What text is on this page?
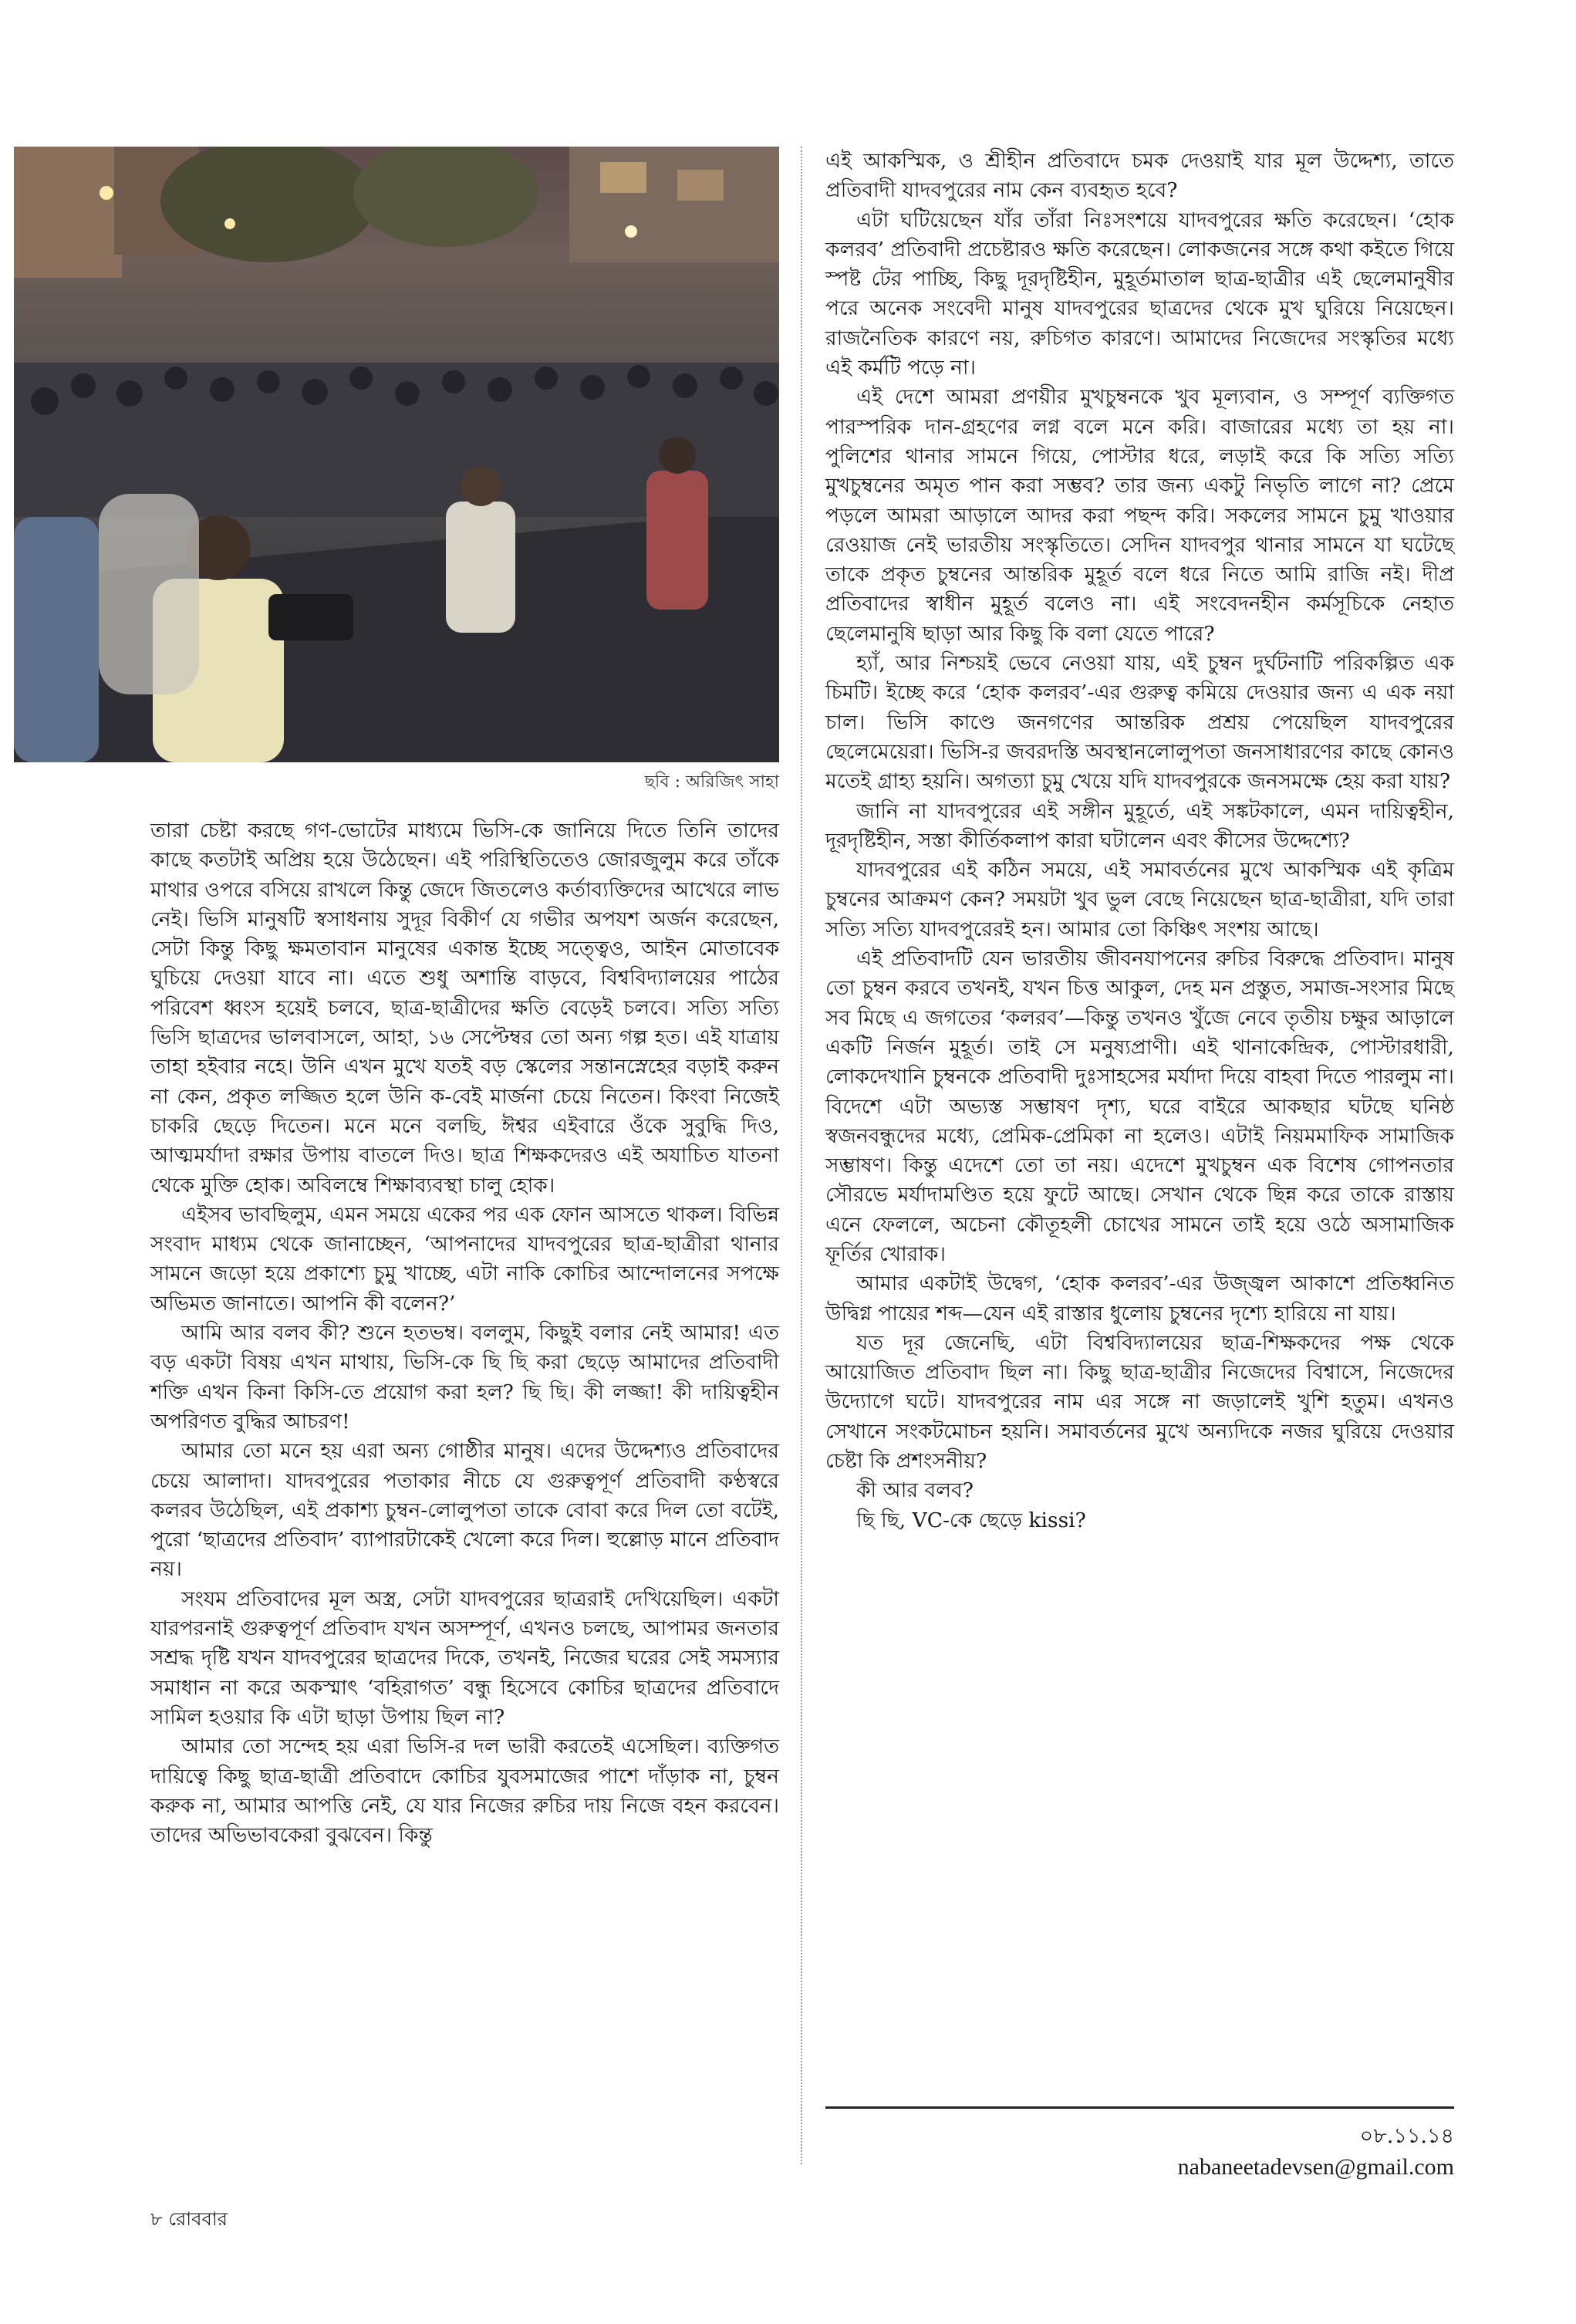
ছবি : অরিজিৎ সাহা

তারা চেষ্টা করছে গণ-ভোটের মাধ্যমে ভিসি-কে জানিয়ে দিতে তিনি তাদের কাছে কতটাই অপ্রিয় হয়ে উঠেছেন। এই পরিস্থিতিতেও জোরজুলুম করে তাঁকে মাথার ওপরে বসিয়ে রাখলে কিন্তু জেদে জিতলেও কর্তাব্যক্তিদের আখেরে লাভ নেই। ভিসি মানুষটি স্বসাধনায় সুদূর বিকীর্ণ যে গভীর অপযশ অর্জন করেছেন, সেটা কিন্তু কিছু ক্ষমতাবান মানুষের একান্ত ইচ্ছে সত্ত্বেও, আইন মোতাবেক ঘুচিয়ে দেওয়া যাবে না। এতে শুধু অশান্তি বাড়বে, বিশ্ববিদ্যালয়ের পাঠের পরিবেশ ধ্বংস হয়েই চলবে, ছাত্র-ছাত্রীদের ক্ষতি বেড়েই চলবে। সত্যি সত্যি ভিসি ছাত্রদের ভালবাসলে, আহা, ১৬ সেপ্টেম্বর তো অন্য গল্প হত। এই যাত্রায় তাহা হইবার নহে। উনি এখন মুখে যতই বড় স্কেলের সন্তানস্নেহের বড়াই করুন না কেন, প্রকৃত লজ্জিত হলে উনি ক-বেই মার্জনা চেয়ে নিতেন। কিংবা নিজেই চাকরি ছেড়ে দিতেন। মনে মনে বলছি, ঈশ্বর এইবারে ওঁকে সুবুদ্ধি দিও, আত্মমর্যাদা রক্ষার উপায় বাতলে দিও। ছাত্র শিক্ষকদেরও এই অযাচিত যাতনা থেকে মুক্তি হোক। অবিলম্বে শিক্ষাব্যবস্থা চালু হোক।

এইসব ভাবছিলুম, এমন সময়ে একের পর এক ফোন আসতে থাকল। বিভিন্ন সংবাদ মাধ্যম থেকে জানাচ্ছেন, ‘আপনাদের যাদবপুরের ছাত্র-ছাত্রীরা থানার সামনে জড়ো হয়ে প্রকাশ্যে চুমু খাচ্ছে, এটা নাকি কোচির আন্দোলনের সপক্ষে অভিমত জানাতে। আপনি কী বলেন?’

আমি আর বলব কী? শুনে হতভম্ব। বললুম, কিছুই বলার নেই আমার! এত বড় একটা বিষয় এখন মাথায়, ভিসি-কে ছি ছি করা ছেড়ে আমাদের প্রতিবাদী শক্তি এখন কিনা কিসি-তে প্রয়োগ করা হল? ছি ছি। কী লজ্জা! কী দায়িত্বহীন অপরিণত বুদ্ধির আচরণ!

আমার তো মনে হয় এরা অন্য গোষ্ঠীর মানুষ। এদের উদ্দেশ্যও প্রতিবাদের চেয়ে আলাদা। যাদবপুরের পতাকার নীচে যে গুরুত্বপূর্ণ প্রতিবাদী কণ্ঠস্বরে কলরব উঠেছিল, এই প্রকাশ্য চুম্বন-লোলুপতা তাকে বোবা করে দিল তো বটেই, পুরো ‘ছাত্রদের প্রতিবাদ’ ব্যাপারটাকেই খেলো করে দিল। হুল্লোড় মানে প্রতিবাদ নয়।

সংযম প্রতিবাদের মূল অস্ত্র, সেটা যাদবপুরের ছাত্ররাই দেখিয়েছিল। একটা যারপরনাই গুরুত্বপূর্ণ প্রতিবাদ যখন অসম্পূর্ণ, এখনও চলছে, আপামর জনতার সশ্রদ্ধ দৃষ্টি যখন যাদবপুরের ছাত্রদের দিকে, তখনই, নিজের ঘরের সেই সমস্যার সমাধান না করে অকস্মাৎ ‘বহিরাগত’ বন্ধু হিসেবে কোচির ছাত্রদের প্রতিবাদে সামিল হওয়ার কি এটা ছাড়া উপায় ছিল না?

আমার তো সন্দেহ হয় এরা ভিসি-র দল ভারী করতেই এসেছিল। ব্যক্তিগত দায়িত্বে কিছু ছাত্র-ছাত্রী প্রতিবাদে কোচির যুবসমাজের পাশে দাঁড়াক না, চুম্বন করুক না, আমার আপত্তি নেই, যে যার নিজের রুচির দায় নিজে বহন করবেন। তাদের অভিভাবকেরা বুঝবেন। কিন্তু

এই আকস্মিক, ও শ্রীহীন প্রতিবাদে চমক দেওয়াই যার মূল উদ্দেশ্য, তাতে প্রতিবাদী যাদবপুরের নাম কেন ব্যবহৃত হবে?

এটা ঘটিয়েছেন যাঁর তাঁরা নিঃসংশয়ে যাদবপুরের ক্ষতি করেছেন। ‘হোক কলরব’ প্রতিবাদী প্রচেষ্টারও ক্ষতি করেছেন। লোকজনের সঙ্গে কথা কইতে গিয়ে স্পষ্ট টের পাচ্ছি, কিছু দূরদৃষ্টিহীন, মুহূর্তমাতাল ছাত্র-ছাত্রীর এই ছেলেমানুষীর পরে অনেক সংবেদী মানুষ যাদবপুরের ছাত্রদের থেকে মুখ ঘুরিয়ে নিয়েছেন। রাজনৈতিক কারণে নয়, রুচিগত কারণে। আমাদের নিজেদের সংস্কৃতির মধ্যে এই কর্মটি পড়ে না।

এই দেশে আমরা প্রণয়ীর মুখচুম্বনকে খুব মূল্যবান, ও সম্পূর্ণ ব্যক্তিগত পারস্পরিক দান-গ্রহণের লগ্ন বলে মনে করি। বাজারের মধ্যে তা হয় না। পুলিশের থানার সামনে গিয়ে, পোস্টার ধরে, লড়াই করে কি সত্যি সত্যি মুখচুম্বনের অমৃত পান করা সম্ভব? তার জন্য একটু নিভৃতি লাগে না? প্রেমে পড়লে আমরা আড়ালে আদর করা পছন্দ করি। সকলের সামনে চুমু খাওয়ার রেওয়াজ নেই ভারতীয় সংস্কৃতিতে। সেদিন যাদবপুর থানার সামনে যা ঘটেছে তাকে প্রকৃত চুম্বনের আন্তরিক মুহূর্ত বলে ধরে নিতে আমি রাজি নই। দীপ্র প্রতিবাদের স্বাধীন মুহূর্ত বলেও না। এই সংবেদনহীন কর্মসূচিকে নেহাত ছেলেমানুষি ছাড়া আর কিছু কি বলা যেতে পারে?

হ্যাঁ, আর নিশ্চয়ই ভেবে নেওয়া যায়, এই চুম্বন দুর্ঘটনাটি পরিকল্পিত এক চিমটি। ইচ্ছে করে ‘হোক কলরব’-এর গুরুত্ব কমিয়ে দেওয়ার জন্য এ এক নয়া চাল। ভিসি কাণ্ডে জনগণের আন্তরিক প্রশ্রয় পেয়েছিল যাদবপুরের ছেলেমেয়েরা। ভিসি-র জবরদস্তি অবস্থানলোলুপতা জনসাধারণের কাছে কোনও মতেই গ্রাহ্য হয়নি। অগত্যা চুমু খেয়ে যদি যাদবপুরকে জনসমক্ষে হেয় করা যায়?

জানি না যাদবপুরের এই সঙ্গীন মুহূর্তে, এই সঙ্কটকালে, এমন দায়িত্বহীন, দূরদৃষ্টিহীন, সস্তা কীর্তিকলাপ কারা ঘটালেন এবং কীসের উদ্দেশ্যে?

যাদবপুরের এই কঠিন সময়ে, এই সমাবর্তনের মুখে আকস্মিক এই কৃত্রিম চুম্বনের আক্রমণ কেন? সময়টা খুব ভুল বেছে নিয়েছেন ছাত্র-ছাত্রীরা, যদি তারা সত্যি সত্যি যাদবপুরেরই হন। আমার তো কিঞ্চিৎ সংশয় আছে।

এই প্রতিবাদটি যেন ভারতীয় জীবনযাপনের রুচির বিরুদ্ধে প্রতিবাদ। মানুষ তো চুম্বন করবে তখনই, যখন চিত্ত আকুল, দেহ মন প্রস্তুত, সমাজ-সংসার মিছে সব মিছে এ জগতের ‘কলরব’—কিন্তু তখনও খুঁজে নেবে তৃতীয় চক্ষুর আড়ালে একটি নির্জন মুহূর্ত। তাই সে মনুষ্যপ্রাণী। এই থানাকেন্দ্রিক, পোস্টারধারী, লোকদেখানি চুম্বনকে প্রতিবাদী দুঃসাহসের মর্যাদা দিয়ে বাহবা দিতে পারলুম না। বিদেশে এটা অভ্যস্ত সম্ভাষণ দৃশ্য, ঘরে বাইরে আকছার ঘটছে ঘনিষ্ঠ স্বজনবন্ধুদের মধ্যে, প্রেমিক-প্রেমিকা না হলেও। এটাই নিয়মমাফিক সামাজিক সম্ভাষণ। কিন্তু এদেশে তো তা নয়। এদেশে মুখচুম্বন এক বিশেষ গোপনতার সৌরভে মর্যাদামণ্ডিত হয়ে ফুটে আছে। সেখান থেকে ছিন্ন করে তাকে রাস্তায় এনে ফেললে, অচেনা কৌতূহলী চোখের সামনে তাই হয়ে ওঠে অসামাজিক ফূর্তির খোরাক।

আমার একটাই উদ্বেগ, ‘হোক কলরব’-এর উজ্জ্বল আকাশে প্রতিধ্বনিত উদ্বিগ্ন পায়ের শব্দ—যেন এই রাস্তার ধুলোয় চুম্বনের দৃশ্যে হারিয়ে না যায়।

যত দূর জেনেছি, এটা বিশ্ববিদ্যালয়ের ছাত্র-শিক্ষকদের পক্ষ থেকে আয়োজিত প্রতিবাদ ছিল না। কিছু ছাত্র-ছাত্রীর নিজেদের বিশ্বাসে, নিজেদের উদ্যোগে ঘটে। যাদবপুরের নাম এর সঙ্গে না জড়ালেই খুশি হতুম। এখনও সেখানে সংকটমোচন হয়নি। সমাবর্তনের মুখে অন্যদিকে নজর ঘুরিয়ে দেওয়ার চেষ্টা কি প্রশংসনীয়?

কী আর বলব?

ছি ছি, VC-কে ছেড়ে kissi?

০৮.১১.১৪
nabaneetadevsen@gmail.com
৮ রোববার
